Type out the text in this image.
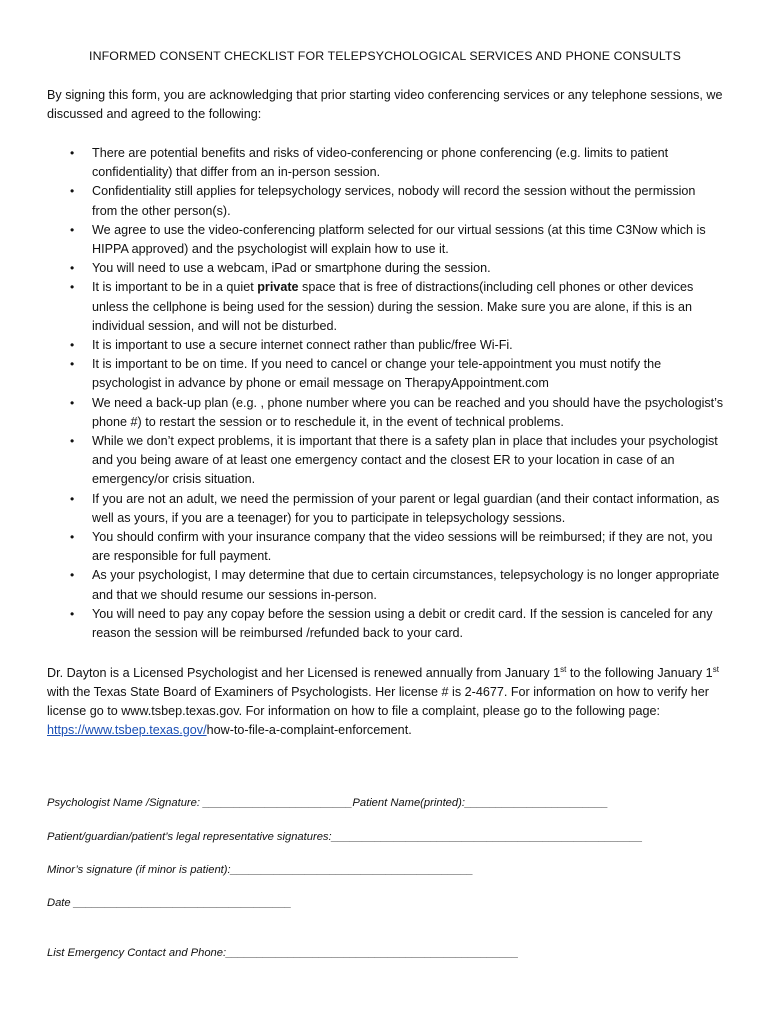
INFORMED CONSENT CHECKLIST FOR TELEPSYCHOLOGICAL SERVICES AND PHONE CONSULTS
By signing this form, you are acknowledging that prior starting video conferencing services or any telephone sessions, we discussed and agreed to the following:
• There are potential benefits and risks of video-conferencing or phone conferencing (e.g. limits to patient confidentiality) that differ from an in-person session.
• Confidentiality still applies for telepsychology services, nobody will record the session without the permission from the other person(s).
• We agree to use the video-conferencing platform selected for our virtual sessions (at this time C3Now which is HIPPA approved) and the psychologist will explain how to use it.
• You will need to use a webcam, iPad or smartphone during the session.
• It is important to be in a quiet private space that is free of distractions(including cell phones or other devices unless the cellphone is being used for the session) during the session. Make sure you are alone, if this is an individual session, and will not be disturbed.
• It is important to use a secure internet connect rather than public/free Wi-Fi.
• It is important to be on time. If you need to cancel or change your tele-appointment you must notify the psychologist in advance by phone or email message on TherapyAppointment.com
• We need a back-up plan (e.g. , phone number where you can be reached and you should have the psychologist’s phone #) to restart the session or to reschedule it, in the event of technical problems.
• While we don’t expect problems, it is important that there is a safety plan in place that includes your psychologist and you being aware of at least one emergency contact and the closest ER to your location in case of an emergency/or crisis situation.
• If you are not an adult, we need the permission of your parent or legal guardian (and their contact information, as well as yours, if you are a teenager) for you to participate in telepsychology sessions.
• You should confirm with your insurance company that the video sessions will be reimbursed; if they are not, you are responsible for full payment.
• As your psychologist, I may determine that due to certain circumstances, telepsychology is no longer appropriate and that we should resume our sessions in-person.
• You will need to pay any copay before the session using a debit or credit card. If the session is canceled for any reason the session will be reimbursed /refunded back to your card.
Dr. Dayton is a Licensed Psychologist and her Licensed is renewed annually from January 1st to the following January 1st with the Texas State Board of Examiners of Psychologists. Her license # is 2-4677. For information on how to verify her license go to www.tsbep.texas.gov. For information on how to file a complaint, please go to the following page: https://www.tsbep.texas.gov/how-to-file-a-complaint-enforcement.
Psychologist Name /Signature: ________________________Patient Name(printed):_______________________
Patient/guardian/patient’s legal representative signatures:__________________________________________________
Minor’s signature (if minor is patient):_______________________________________
Date ___________________________________
List Emergency Contact and Phone:_______________________________________________
